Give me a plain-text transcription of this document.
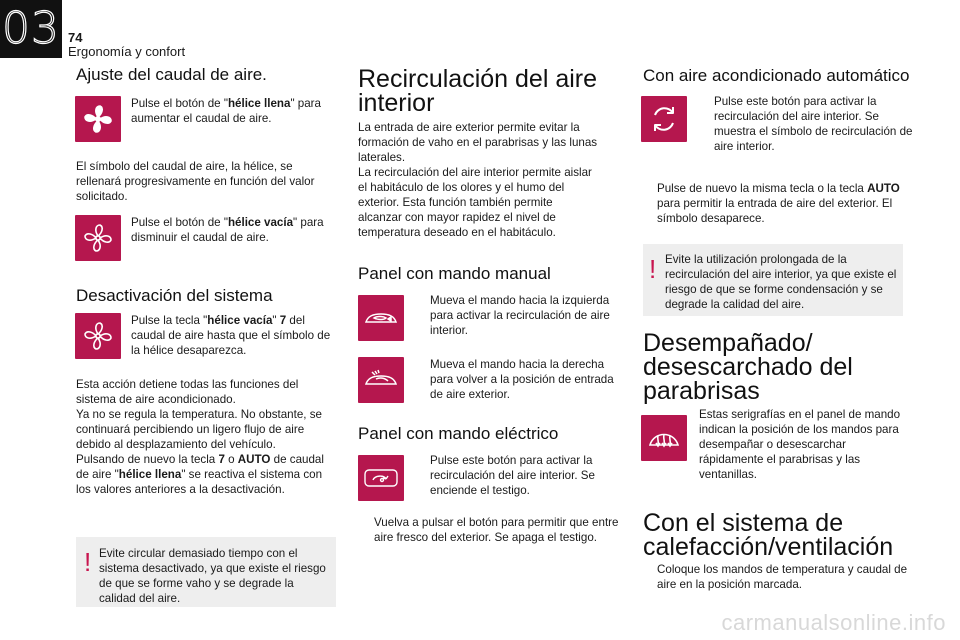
03 74
Ergonomía y confort
Ajuste del caudal de aire.
Pulse el botón de "hélice llena" para aumentar el caudal de aire.
El símbolo del caudal de aire, la hélice, se rellenará progresivamente en función del valor solicitado.
Pulse el botón de "hélice vacía" para disminuir el caudal de aire.
Desactivación del sistema
Pulse la tecla "hélice vacía" 7 del caudal de aire hasta que el símbolo de la hélice desaparezca.
Esta acción detiene todas las funciones del sistema de aire acondicionado.
Ya no se regula la temperatura. No obstante, se continuará percibiendo un ligero flujo de aire debido al desplazamiento del vehículo.
Pulsando de nuevo la tecla 7 o AUTO de caudal de aire "hélice llena" se reactiva el sistema con los valores anteriores a la desactivación.
! Evite circular demasiado tiempo con el sistema desactivado, ya que existe el riesgo de que se forme vaho y se degrade la calidad del aire.
Recirculación del aire interior
La entrada de aire exterior permite evitar la formación de vaho en el parabrisas y las lunas laterales.
La recirculación del aire interior permite aislar el habitáculo de los olores y el humo del exterior. Esta función también permite alcanzar con mayor rapidez el nivel de temperatura deseado en el habitáculo.
Panel con mando manual
Mueva el mando hacia la izquierda para activar la recirculación de aire interior.
Mueva el mando hacia la derecha para volver a la posición de entrada de aire exterior.
Panel con mando eléctrico
Pulse este botón para activar la recirculación del aire interior. Se enciende el testigo.
Vuelva a pulsar el botón para permitir que entre aire fresco del exterior. Se apaga el testigo.
Con aire acondicionado automático
Pulse este botón para activar la recirculación del aire interior. Se muestra el símbolo de recirculación de aire interior.
Pulse de nuevo la misma tecla o la tecla AUTO para permitir la entrada de aire del exterior. El símbolo desaparece.
! Evite la utilización prolongada de la recirculación del aire interior, ya que existe el riesgo de que se forme condensación y se degrade la calidad del aire.
Desempañado/ desescarchado del parabrisas
Estas serigrafías en el panel de mando indican la posición de los mandos para desempañar o desescarchar rápidamente el parabrisas y las ventanillas.
Con el sistema de calefacción/ventilación
Coloque los mandos de temperatura y caudal de aire en la posición marcada.
carmanualsonline.info
